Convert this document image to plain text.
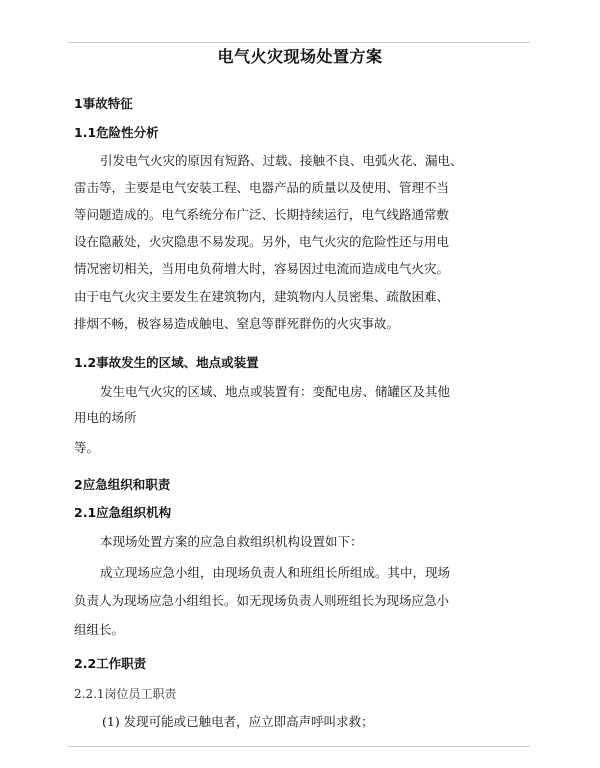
电气火灾现场处置方案
1事故特征
1.1危险性分析
引发电气火灾的原因有短路、过载、接触不良、电弧火花、漏电、
雷击等，主要是电气安装工程、电器产品的质量以及使用、管理不当
等问题造成的。电气系统分布广泛、长期持续运行，电气线路通常敷
设在隐蔽处，火灾隐患不易发现。另外，电气火灾的危险性还与用电
情况密切相关，当用电负荷增大时，容易因过电流而造成电气火灾。
由于电气火灾主要发生在建筑物内，建筑物内人员密集、疏散困难、
排烟不畅，极容易造成触电、窒息等群死群伤的火灾事故。
1.2事故发生的区域、地点或装置
发生电气火灾的区域、地点或装置有：变配电房、储罐区及其他
用电的场所
等。
2应急组织和职责
2.1应急组织机构
本现场处置方案的应急自救组织机构设置如下：
成立现场应急小组，由现场负责人和班组长所组成。其中，现场
负责人为现场应急小组组长。如无现场负责人则班组长为现场应急小
组组长。
2.2工作职责
2.2.1岗位员工职责
(1) 发现可能或已触电者，应立即高声呼叫求救；
